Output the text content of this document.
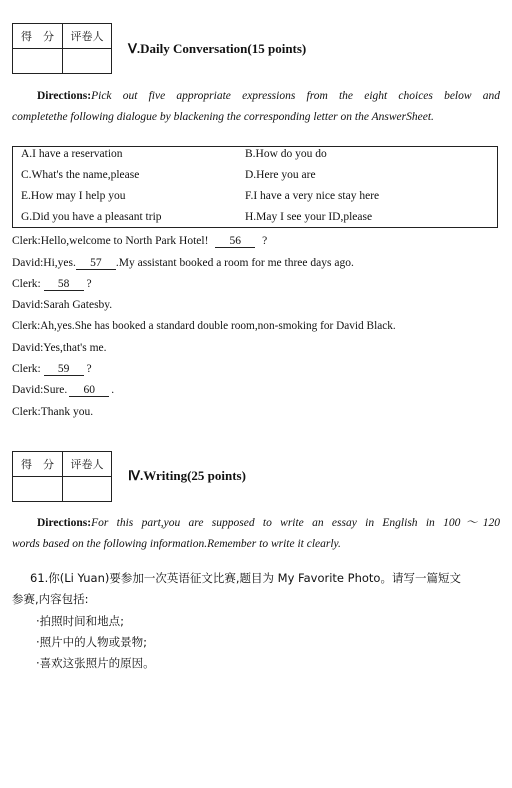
得　分	评卷人

Ⅴ.Daily Conversation(15 points)
Directions:Pick out five appropriate expressions from the eight choices below and
completethe following dialogue by blackening the corresponding letter on the AnswerSheet.
A.I have a reservation	B.How do you do
C.What's the name,please	D.Here you are
E.How may I help you	F.I have a very nice stay here
G.Did you have a pleasant trip	H.May I see your ID,please
Clerk:Hello,welcome to North Park Hotel! 56 ?
David:Hi,yes. 57 .My assistant booked a room for me three days ago.
Clerk: 58 ?
David:Sarah Gatesby.
Clerk:Ah,yes.She has booked a standard double room,non-smoking for David Black.
David:Yes,that's me.
Clerk: 59 ?
David:Sure. 60 .
Clerk:Thank you.
得　分	评卷人

Ⅳ.Writing(25 points)
Directions:For this part,you are supposed to write an essay in English in 100～120
words based on the following information.Remember to write it clearly.
61.你(Li Yuan)要参加一次英语征文比赛,题目为 My Favorite Photo。请写一篇短文
参赛,内容包括:
·拍照时间和地点;
·照片中的人物或景物;
·喜欢这张照片的原因。
